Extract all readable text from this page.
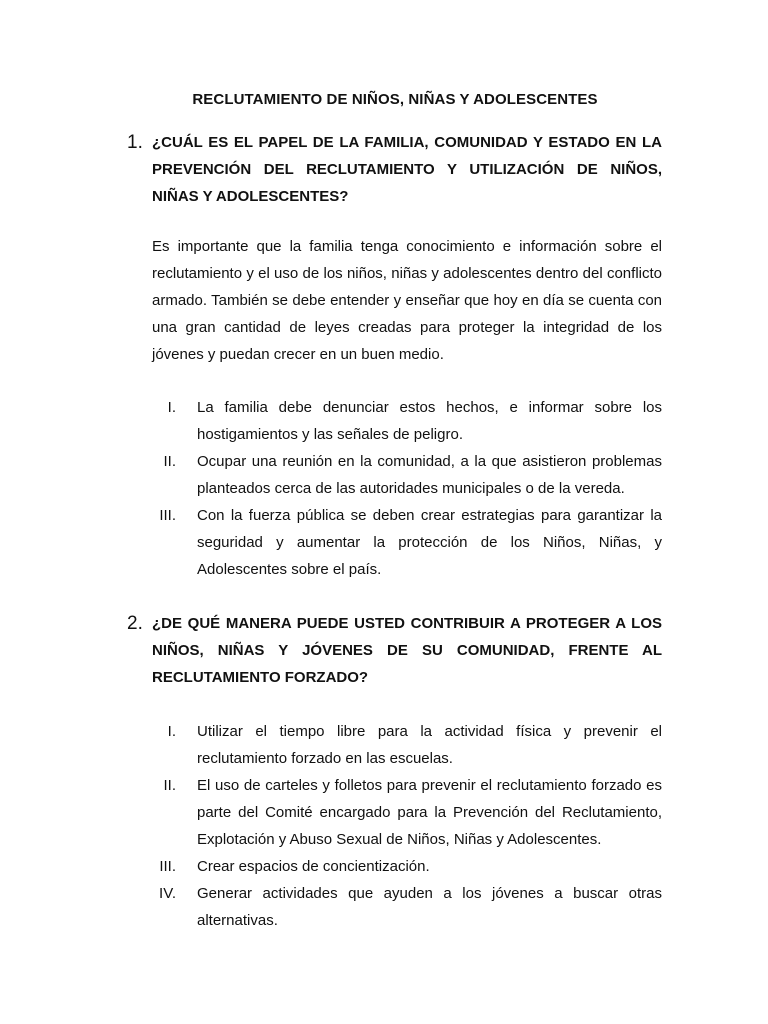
RECLUTAMIENTO DE NIÑOS, NIÑAS Y ADOLESCENTES
1. ¿CUÁL ES EL PAPEL DE LA FAMILIA, COMUNIDAD Y ESTADO EN LA PREVENCIÓN DEL RECLUTAMIENTO Y UTILIZACIÓN DE NIÑOS, NIÑAS Y ADOLESCENTES?

Es importante que la familia tenga conocimiento e información sobre el reclutamiento y el uso de los niños, niñas y adolescentes dentro del conflicto armado. También se debe entender y enseñar que hoy en día se cuenta con una gran cantidad de leyes creadas para proteger la integridad de los jóvenes y puedan crecer en un buen medio.

I. La familia debe denunciar estos hechos, e informar sobre los hostigamientos y las señales de peligro.
II. Ocupar una reunión en la comunidad, a la que asistieron problemas planteados cerca de las autoridades municipales o de la vereda.
III. Con la fuerza pública se deben crear estrategias para garantizar la seguridad y aumentar la protección de los Niños, Niñas, y Adolescentes sobre el país.
2. ¿DE QUÉ MANERA PUEDE USTED CONTRIBUIR A PROTEGER A LOS NIÑOS, NIÑAS Y JÓVENES DE SU COMUNIDAD, FRENTE AL RECLUTAMIENTO FORZADO?
I. Utilizar el tiempo libre para la actividad física y prevenir el reclutamiento forzado en las escuelas.
II. El uso de carteles y folletos para prevenir el reclutamiento forzado es parte del Comité encargado para la Prevención del Reclutamiento, Explotación y Abuso Sexual de Niños, Niñas y Adolescentes.
III. Crear espacios de concientización.
IV. Generar actividades que ayuden a los jóvenes a buscar otras alternativas.
